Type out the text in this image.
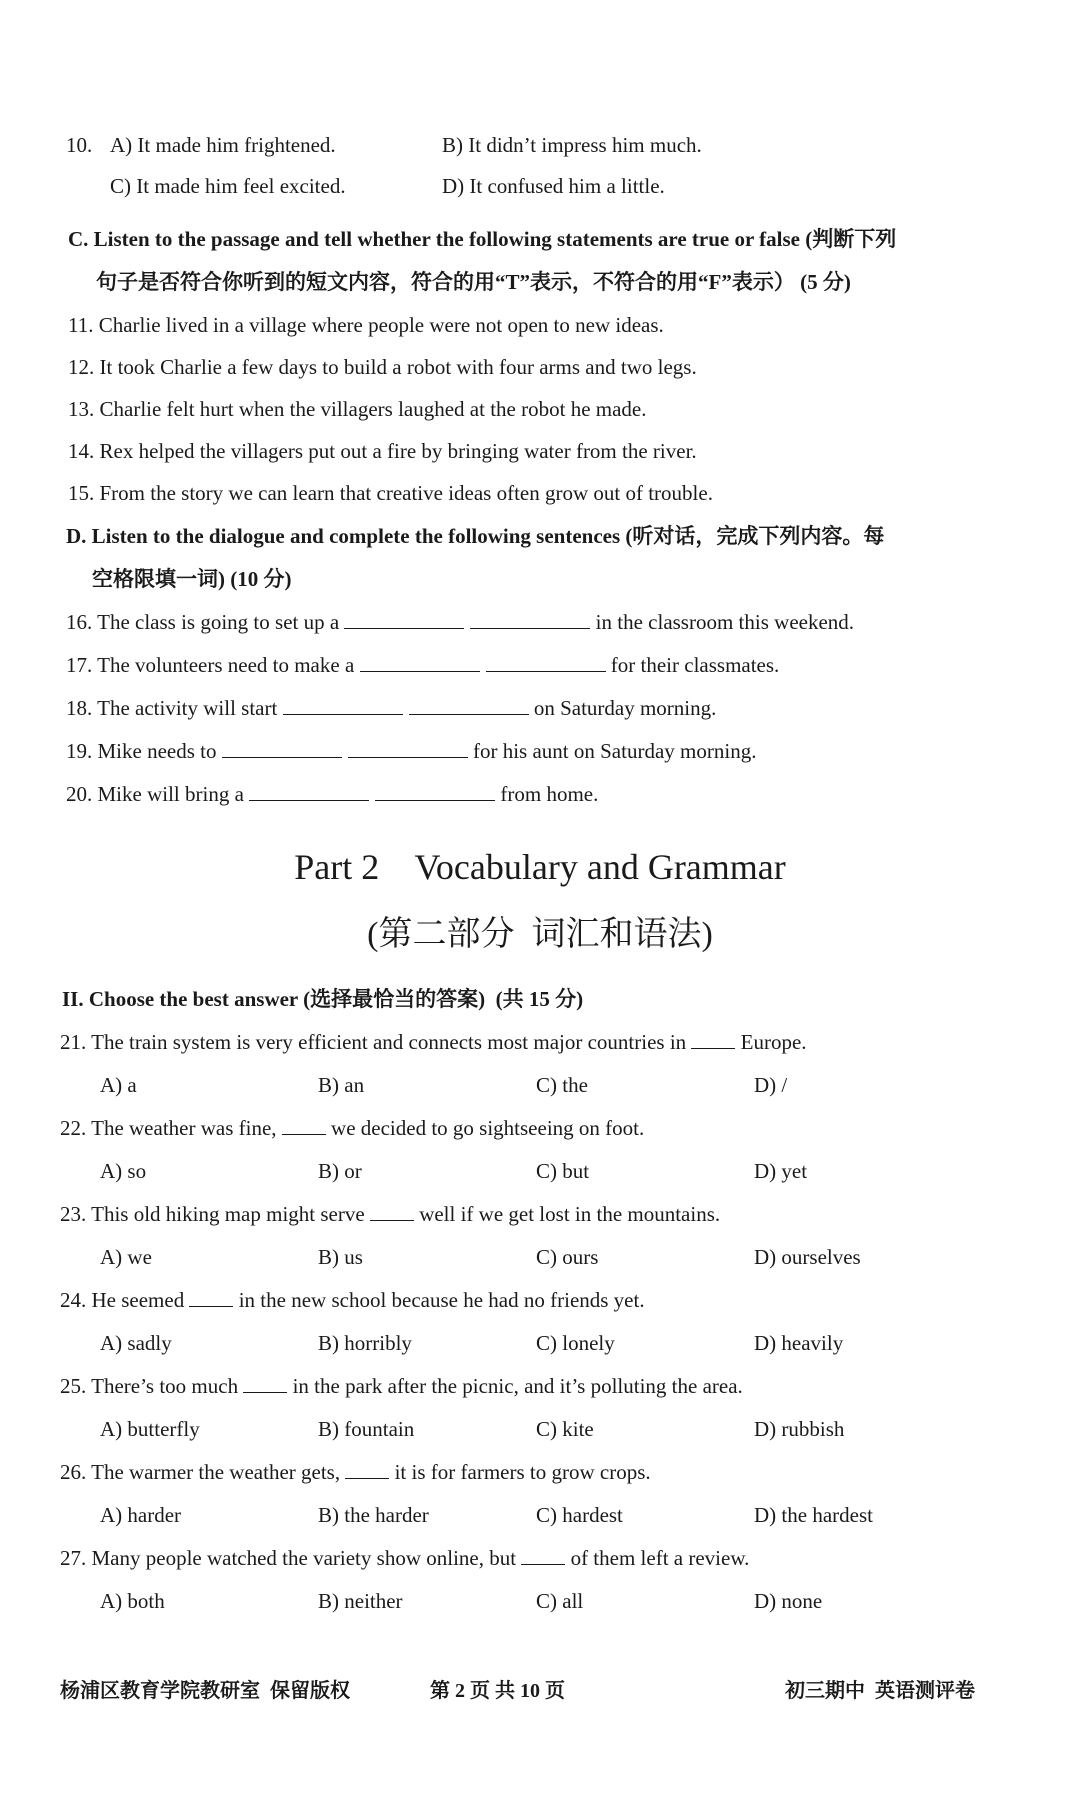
10. A) It made him frightened.	B) It didn’t impress him much.
C) It made him feel excited.	D) It confused him a little.
C. Listen to the passage and tell whether the following statements are true or false (判断下列
句子是否符合你听到的短文内容，符合的用“T”表示，不符合的用“F”表示） (5 分)
11. Charlie lived in a village where people were not open to new ideas.
12. It took Charlie a few days to build a robot with four arms and two legs.
13. Charlie felt hurt when the villagers laughed at the robot he made.
14. Rex helped the villagers put out a fire by bringing water from the river.
15. From the story we can learn that creative ideas often grow out of trouble.
D. Listen to the dialogue and complete the following sentences (听对话，完成下列内容。每
空格限填一词) (10 分)
16. The class is going to set up a	in the classroom this weekend.
17. The volunteers need to make a	for their classmates.
18. The activity will start	on Saturday morning.
19. Mike needs to	for his aunt on Saturday morning.
20. Mike will bring a	from home.
Part 2    Vocabulary and Grammar
(第二部分  词汇和语法)
II. Choose the best answer (选择最恰当的答案)  (共 15 分)
21. The train system is very efficient and connects most major countries in	Europe.
A) a	B) an	C) the	D) /
22. The weather was fine,	we decided to go sightseeing on foot.
A) so	B) or	C) but	D) yet
23. This old hiking map might serve	well if we get lost in the mountains.
A) we	B) us	C) ours	D) ourselves
24. He seemed	in the new school because he had no friends yet.
A) sadly	B) horribly	C) lonely	D) heavily
25. There’s too much	in the park after the picnic, and it’s polluting the area.
A) butterfly	B) fountain	C) kite	D) rubbish
26. The warmer the weather gets,	it is for farmers to grow crops.
A) harder	B) the harder	C) hardest	D) the hardest
27. Many people watched the variety show online, but	of them left a review.
A) both	B) neither	C) all	D) none
杨浦区教育学院教研室  保留版权	第 2 页 共 10 页	初三期中  英语测评卷
